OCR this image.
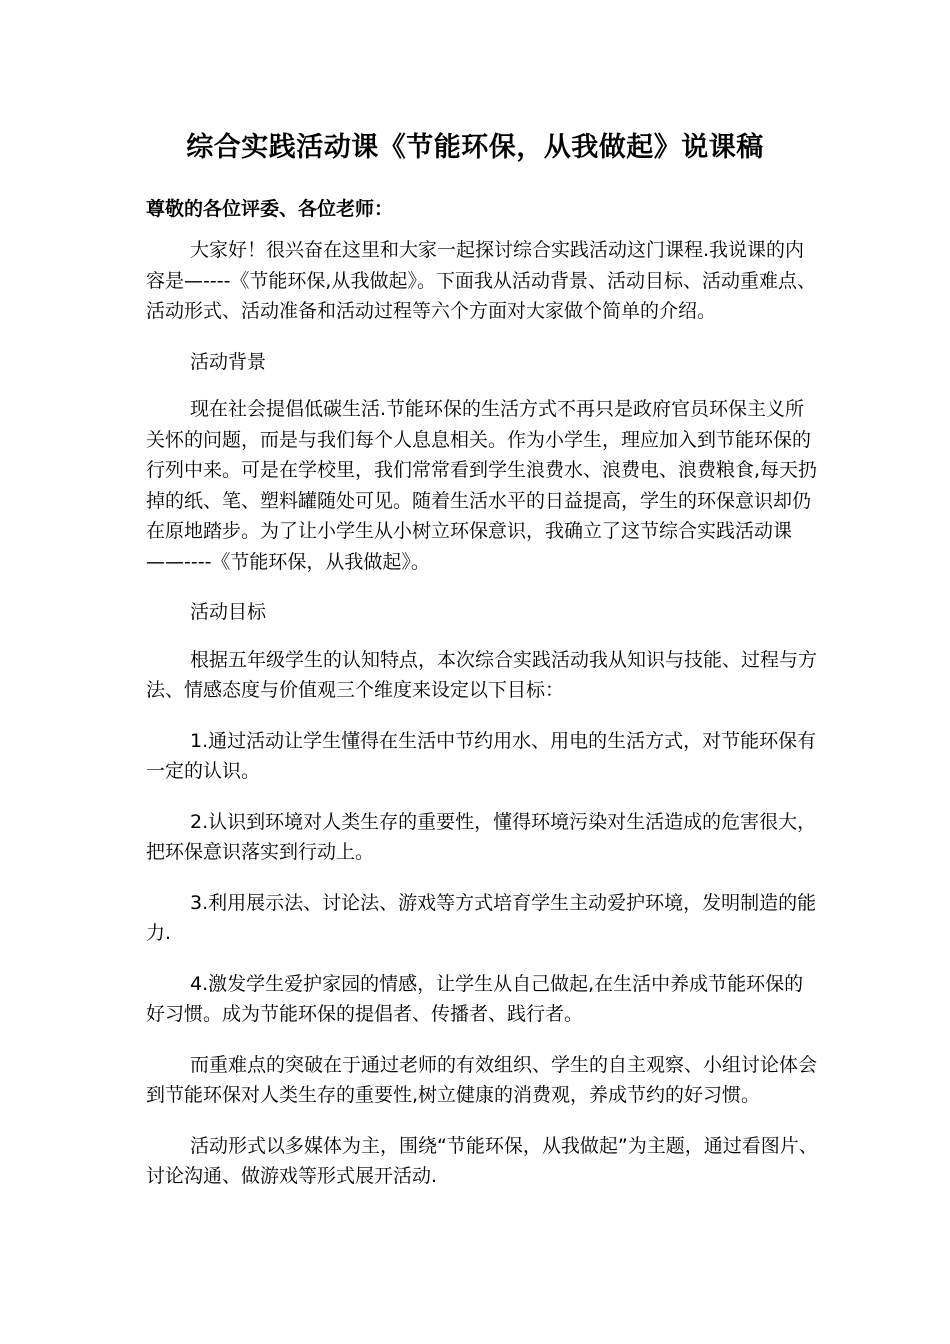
综合实践活动课《节能环保，从我做起》说课稿
尊敬的各位评委、各位老师：

大家好！很兴奋在这里和大家一起探讨综合实践活动这门课程.我说课的内容是—----《节能环保,从我做起》。下面我从活动背景、活动目标、活动重难点、活动形式、活动准备和活动过程等六个方面对大家做个简单的介绍。

活动背景

现在社会提倡低碳生活.节能环保的生活方式不再只是政府官员环保主义所关怀的问题，而是与我们每个人息息相关。作为小学生，理应加入到节能环保的行列中来。可是在学校里，我们常常看到学生浪费水、浪费电、浪费粮食,每天扔掉的纸、笔、塑料罐随处可见。随着生活水平的日益提高，学生的环保意识却仍在原地踏步。为了让小学生从小树立环保意识，我确立了这节综合实践活动课——----《节能环保，从我做起》。

活动目标

根据五年级学生的认知特点，本次综合实践活动我从知识与技能、过程与方法、情感态度与价值观三个维度来设定以下目标：

1.通过活动让学生懂得在生活中节约用水、用电的生活方式，对节能环保有一定的认识。

2.认识到环境对人类生存的重要性，懂得环境污染对生活造成的危害很大，把环保意识落实到行动上。

3.利用展示法、讨论法、游戏等方式培育学生主动爱护环境，发明制造的能力.

4.激发学生爱护家园的情感，让学生从自己做起,在生活中养成节能环保的好习惯。成为节能环保的提倡者、传播者、践行者。

而重难点的突破在于通过老师的有效组织、学生的自主观察、小组讨论体会到节能环保对人类生存的重要性,树立健康的消费观，养成节约的好习惯。

活动形式以多媒体为主，围绕“节能环保，从我做起”为主题，通过看图片、讨论沟通、做游戏等形式展开活动.
